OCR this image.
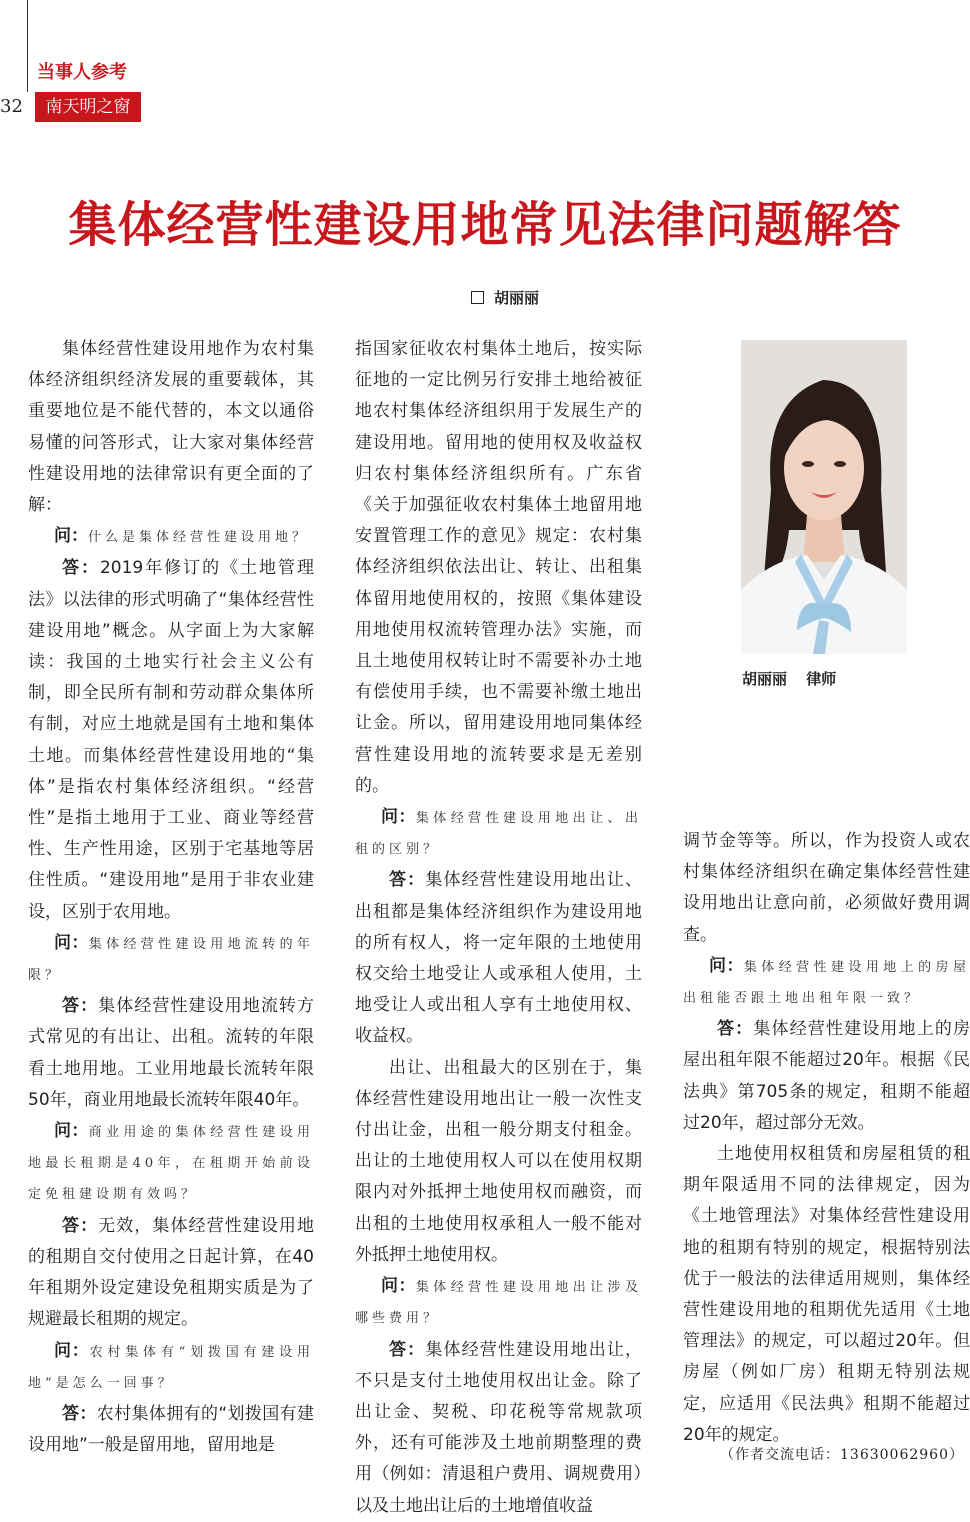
当事人参考
32	南天明之窗
集体经营性建设用地常见法律问题解答
胡丽丽

集体经营性建设用地作为农村集体经济组织经济发展的重要载体，其重要地位是不能代替的，本文以通俗易懂的问答形式，让大家对集体经营性建设用地的法律常识有更全面的了解：

问：什么是集体经营性建设用地？

答：2019年修订的《土地管理法》以法律的形式明确了“集体经营性建设用地”概念。从字面上为大家解读：我国的土地实行社会主义公有制，即全民所有制和劳动群众集体所有制，对应土地就是国有土地和集体土地。而集体经营性建设用地的“集体”是指农村集体经济组织。“经营性”是指土地用于工业、商业等经营性、生产性用途，区别于宅基地等居住性质。“建设用地”是用于非农业建设，区别于农用地。

问：集体经营性建设用地流转的年限？

答：集体经营性建设用地流转方式常见的有出让、出租。流转的年限看土地用地。工业用地最长流转年限50年，商业用地最长流转年限40年。

问：商业用途的集体经营性建设用地最长租期是40年，在租期开始前设定免租建设期有效吗？

答：无效，集体经营性建设用地的租期自交付使用之日起计算，在40年租期外设定建设免租期实质是为了规避最长租期的规定。

问：农村集体有“划拨国有建设用地”是怎么一回事？

答：农村集体拥有的“划拨国有建设用地”一般是留用地，留用地是

指国家征收农村集体土地后，按实际征地的一定比例另行安排土地给被征地农村集体经济组织用于发展生产的建设用地。留用地的使用权及收益权归农村集体经济组织所有。广东省《关于加强征收农村集体土地留用地安置管理工作的意见》规定：农村集体经济组织依法出让、转让、出租集体留用地使用权的，按照《集体建设用地使用权流转管理办法》实施，而且土地使用权转让时不需要补办土地有偿使用手续，也不需要补缴土地出让金。所以，留用建设用地同集体经营性建设用地的流转要求是无差别的。

问：集体经营性建设用地出让、出租的区别？

答：集体经营性建设用地出让、出租都是集体经济组织作为建设用地的所有权人，将一定年限的土地使用权交给土地受让人或承租人使用，土地受让人或出租人享有土地使用权、收益权。

出让、出租最大的区别在于，集体经营性建设用地出让一般一次性支付出让金，出租一般分期支付租金。出让的土地使用权人可以在使用权期限内对外抵押土地使用权而融资，而出租的土地使用权承租人一般不能对外抵押土地使用权。

问：集体经营性建设用地出让涉及哪些费用？

答：集体经营性建设用地出让，不只是支付土地使用权出让金。除了出让金、契税、印花税等常规款项外，还有可能涉及土地前期整理的费用（例如：清退租户费用、调规费用）以及土地出让后的土地增值收益

胡丽丽 律师

调节金等等。所以，作为投资人或农村集体经济组织在确定集体经营性建设用地出让意向前，必须做好费用调查。

问：集体经营性建设用地上的房屋出租能否跟土地出租年限一致？

答：集体经营性建设用地上的房屋出租年限不能超过20年。根据《民法典》第705条的规定，租期不能超过20年，超过部分无效。

土地使用权租赁和房屋租赁的租期年限适用不同的法律规定，因为《土地管理法》对集体经营性建设用地的租期有特别的规定，根据特别法优于一般法的法律适用规则，集体经营性建设用地的租期优先适用《土地管理法》的规定，可以超过20年。但房屋（例如厂房）租期无特别法规定，应适用《民法典》租期不能超过20年的规定。

（作者交流电话：13630062960）
